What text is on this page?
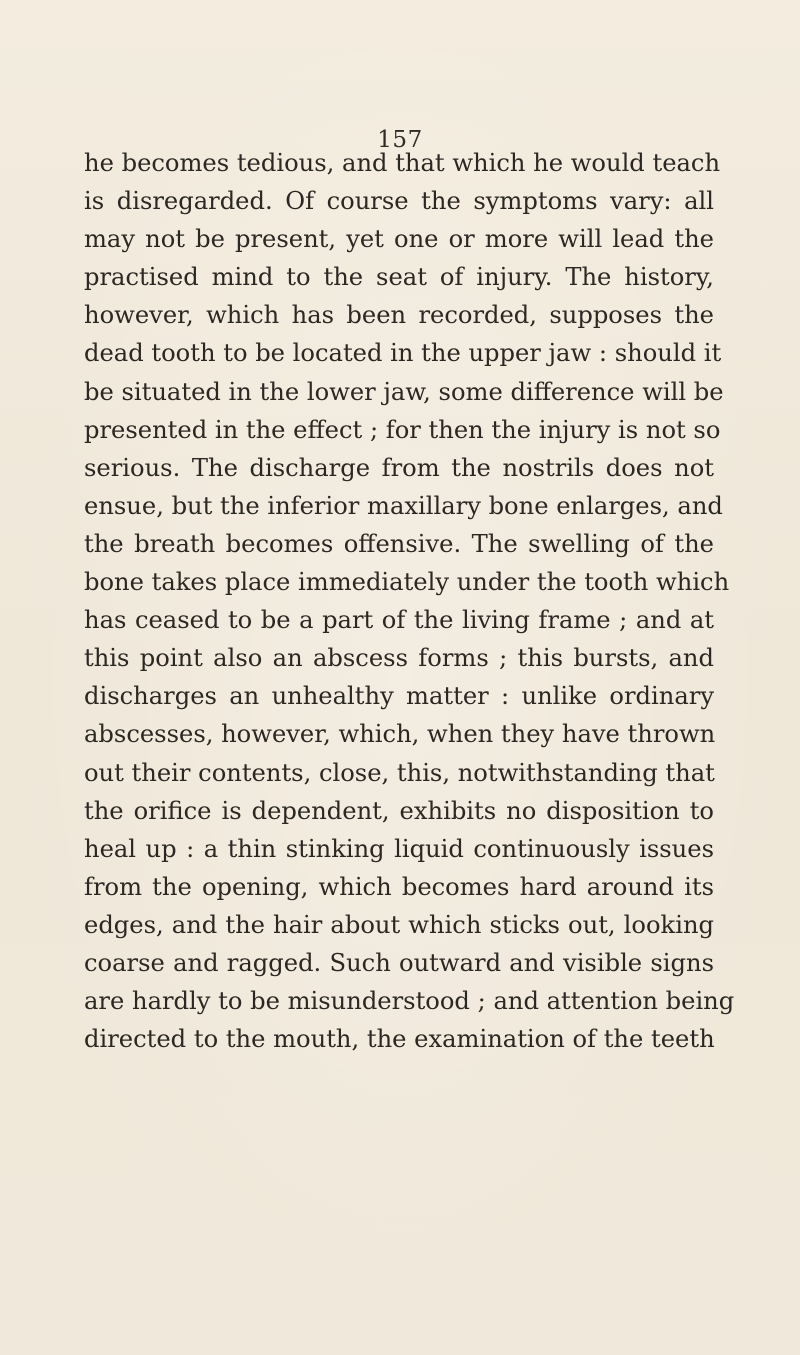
157
he becomes tedious, and that which he would teach
is disregarded. Of course the symptoms vary: all
may not be present, yet one or more will lead the
practised mind to the seat of injury. The history,
however, which has been recorded, supposes the
dead tooth to be located in the upper jaw : should it
be situated in the lower jaw, some difference will be
presented in the effect ; for then the injury is not so
serious. The discharge from the nostrils does not
ensue, but the inferior maxillary bone enlarges, and
the breath becomes offensive. The swelling of the
bone takes place immediately under the tooth which
has ceased to be a part of the living frame ; and at
this point also an abscess forms ; this bursts, and
discharges an unhealthy matter : unlike ordinary
abscesses, however, which, when they have thrown
out their contents, close, this, notwithstanding that
the orifice is dependent, exhibits no disposition to
heal up : a thin stinking liquid continuously issues
from the opening, which becomes hard around its
edges, and the hair about which sticks out, looking
coarse and ragged. Such outward and visible signs
are hardly to be misunderstood ; and attention being
directed to the mouth, the examination of the teeth
